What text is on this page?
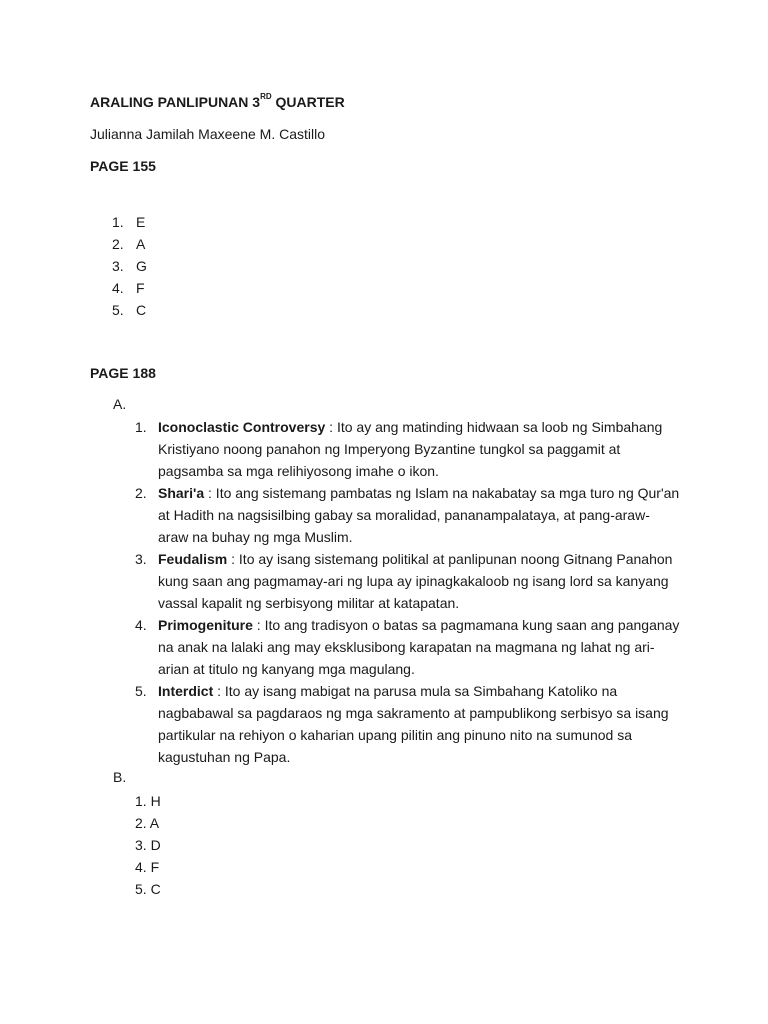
ARALING PANLIPUNAN 3RD QUARTER
Julianna Jamilah Maxeene M. Castillo
PAGE 155
1. E
2. A
3. G
4. F
5. C
PAGE 188
A.
1. Iconoclastic Controversy : Ito ay ang matinding hidwaan sa loob ng Simbahang Kristiyano noong panahon ng Imperyong Byzantine tungkol sa paggamit at pagsamba sa mga relihiyosong imahe o ikon.
2. Shari'a : Ito ang sistemang pambatas ng Islam na nakabatay sa mga turo ng Qur'an at Hadith na nagsisilbing gabay sa moralidad, pananampalataya, at pang-araw-araw na buhay ng mga Muslim.
3. Feudalism : Ito ay isang sistemang politikal at panlipunan noong Gitnang Panahon kung saan ang pagmamay-ari ng lupa ay ipinagkakaloob ng isang lord sa kanyang vassal kapalit ng serbisyong militar at katapatan.
4. Primogeniture : Ito ang tradisyon o batas sa pagmamana kung saan ang panganay na anak na lalaki ang may eksklusibong karapatan na magmana ng lahat ng ari-arian at titulo ng kanyang mga magulang.
5. Interdict : Ito ay isang mabigat na parusa mula sa Simbahang Katoliko na nagbabawal sa pagdaraos ng mga sakramento at pampublikong serbisyo sa isang partikular na rehiyon o kaharian upang pilitin ang pinuno nito na sumunod sa kagustuhan ng Papa.
B.
1. H
2. A
3. D
4. F
5. C
